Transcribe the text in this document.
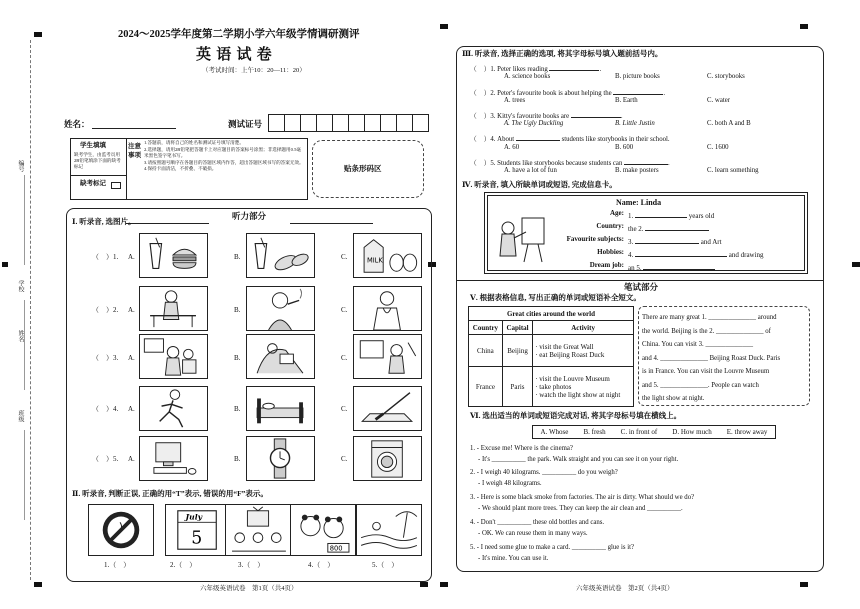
编号
学校
姓名
班级
2024～2025学年度第二学期小学六年级学情调研测评
英 语 试 卷
（考试时间：上午10：20—11：20）
姓名：	测试证号
学生填填
缺考学生，由监考员用2B铅笔填涂下面的缺考标记
缺考标记
注意事项
1.答题前，请将自己的姓名和测试证号填写清楚。
2.选择题，请用2B铅笔把答题卡上对应题目的答案标号涂黑；非选择题用0.5毫米黑色签字笔书写。
3.请按照题号顺序在各题目的答题区域内作答，超出答题区域书写的答案无效。
4.保持卡面清洁，不折叠、不破损。	贴条形码区
听力部分
Ⅰ. 听录音, 选图片。
（　）1. A.	B.	C.
（　）2. A.	B.	C.
（　）3. A.	B.	C.
（　）4. A.	B.	C.
（　）5. A.	B.	C.
MILK
Ⅱ. 听录音, 判断正误, 正确的用“T”表示, 错误的用“F”表示。
July
5
800
1.（　）	2.（　）	3.（　）	4.（　）	5.（　）
六年级英语试卷　第1页（共4页）
Ⅲ. 听录音, 选择正确的选项, 将其字母标号填入题前括号内。
（　）1. Peter likes reading	.
A. science books	B. picture books	C. storybooks
（　）2. Peter's favourite book is about helping the	.
A. trees	B. Earth	C. water
（　）3. Kitty's favourite books are	.
A. The Ugly Duckling	B. Little Justin	C. both A and B
（　）4. About	students like storybooks in their school.
A. 60	B. 600	C. 1600
（　）5. Students like storybooks because students can	.
A. have a lot of fun	B. make posters	C. learn something
Ⅳ. 听录音, 填入所缺单词或短语, 完成信息卡。
Name: Linda
Age: 1.	years old
Country: the 2.
Favourite subjects: 3.	and Art
Hobbies: 4.	and drawing
Dream job: an 5.
笔试部分
Ⅴ. 根据表格信息, 写出正确的单词或短语补全短文。
Great cities around the world		
Country	Capital	Activity
China	Beijing	· visit the Great Wall
· eat Beijing Roast Duck

France	Paris	· visit the Louvre Museum
· take photos
· watch the light show at night
There are many great 1. ______________ around
the world. Beijing is the 2. ______________ of
China. You can visit 3. ______________
and 4. ______________ Beijing Roast Duck. Paris
is in France. You can visit the Louvre Museum
and 5. ______________. People can watch
the light show at night.
Ⅵ. 选出适当的单词或短语完成对话, 将其字母标号填在横线上。
A. Whose B. fresh C. in front of D. How much E. throw away
1. - Excuse me! Where is the cinema?
- It's __________ the park. Walk straight and you can see it on your right.
2. - I weigh 40 kilograms. __________ do you weigh?
- I weigh 48 kilograms.
3. - Here is some black smoke from factories. The air is dirty. What should we do?
- We should plant more trees. They can keep the air clean and __________.
4. - Don't __________ these old bottles and cans.
- OK. We can reuse them in many ways.
5. - I need some glue to make a card. __________ glue is it?
- It's mine. You can use it.
六年级英语试卷　第2页（共4页）
